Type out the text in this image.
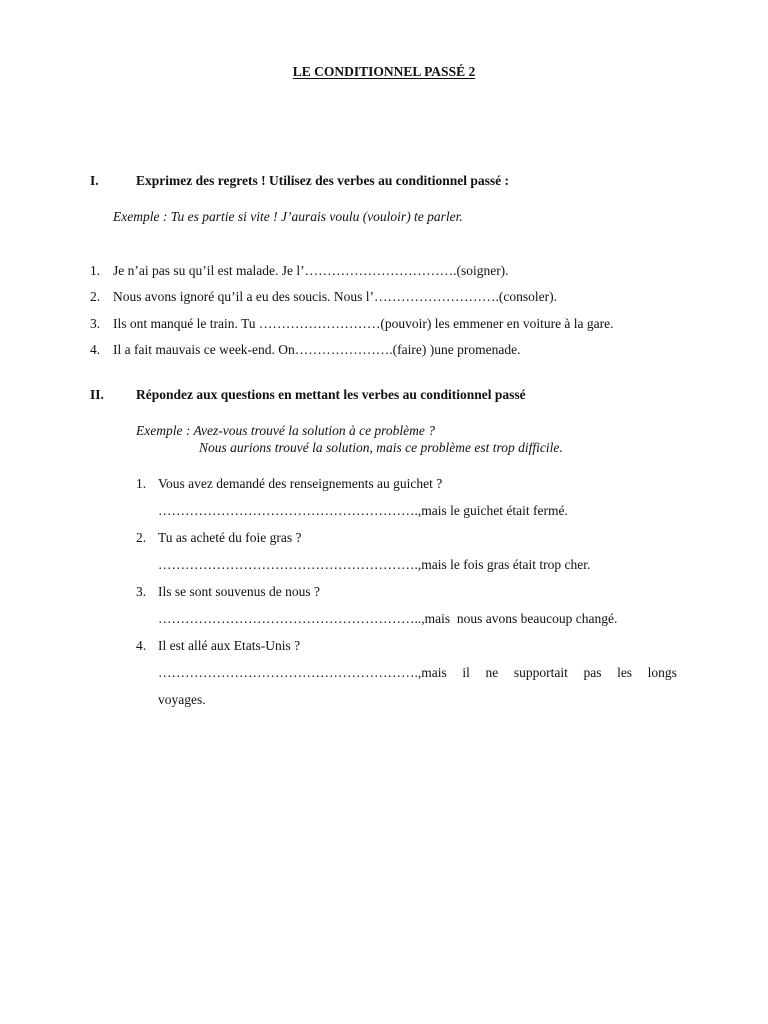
LE CONDITIONNEL PASSÉ 2
I.	Exprimez des regrets ! Utilisez des verbes au conditionnel passé :
Exemple : Tu es partie si vite ! J’aurais voulu (vouloir) te parler.
1. Je n’ai pas su qu’il est malade. Je l’…………………………….(soigner).
2. Nous avons ignoré qu’il a eu des soucis. Nous l’……………………….(consoler).
3. Ils ont manqué le train. Tu ………………………(pouvoir) les emmener en voiture à la gare.
4. Il a fait mauvais ce week-end. On………………….(faire) )une promenade.
II. Répondez aux questions en mettant les verbes au conditionnel passé
Exemple : Avez-vous trouvé la solution à ce problème ?
Nous aurions trouvé la solution, mais ce problème est trop difficile.
1. Vous avez demandé des renseignements au guichet ?
………………………………………………….,mais le guichet était fermé.
2. Tu as acheté du foie gras ?
………………………………………………….,mais le fois gras était trop cher.
3. Ils se sont souvenus de nous ?
…………………………………………………..,mais  nous avons beaucoup changé.
4. Il est allé aux Etats-Unis ?
………………………………………………….,mais il ne supportait pas les longs
voyages.
